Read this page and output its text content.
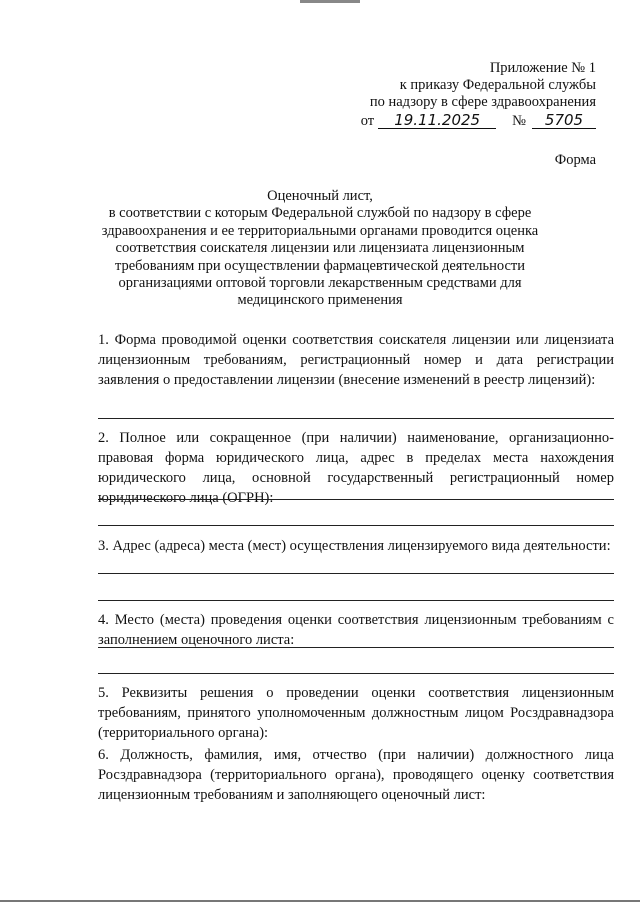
Приложение № 1
к приказу Федеральной службы
по надзору в сфере здравоохранения
от 19.11.2025 № 5705
Форма
Оценочный лист,
в соответствии с которым Федеральной службой по надзору в сфере
здравоохранения и ее территориальными органами проводится оценка
соответствия соискателя лицензии или лицензиата лицензионным
требованиям при осуществлении фармацевтической деятельности
организациями оптовой торговли лекарственным средствами для
медицинского применения

1. Форма проводимой оценки соответствия соискателя лицензии или лицензиата лицензионным требованиям, регистрационный номер и дата регистрации заявления о предоставлении лицензии (внесение изменений в реестр лицензий):

2. Полное или сокращенное (при наличии) наименование, организационно-правовая форма юридического лица, адрес в пределах места нахождения юридического лица, основной государственный регистрационный номер юридического лица (ОГРН):

3. Адрес (адреса) места (мест) осуществления лицензируемого вида деятельности:

4. Место (места) проведения оценки соответствия лицензионным требованиям с заполнением оценочного листа:

5. Реквизиты решения о проведении оценки соответствия лицензионным требованиям, принятого уполномоченным должностным лицом Росздравнадзора (территориального органа):

6. Должность, фамилия, имя, отчество (при наличии) должностного лица Росздравнадзора (территориального органа), проводящего оценку соответствия лицензионным требованиям и заполняющего оценочный лист:
